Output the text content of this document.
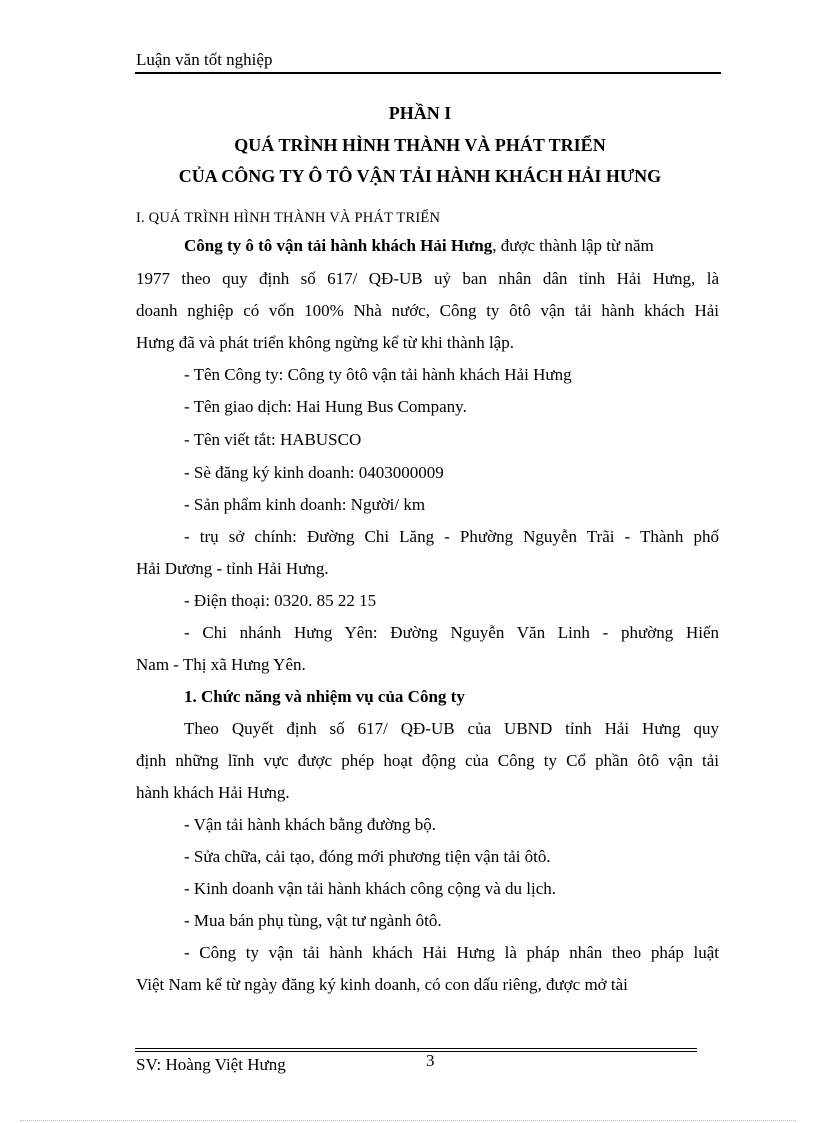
Luận văn tốt nghiệp
PHẦN I
QUÁ TRÌNH HÌNH THÀNH VÀ PHÁT TRIỂN
CỦA CÔNG TY Ô TÔ VẬN TẢI HÀNH KHÁCH HẢI HƯNG
I. QUÁ TRÌNH HÌNH THÀNH VÀ PHÁT TRIỂN
Công ty ô tô vận tải hành khách Hải Hưng, được thành lập từ năm
1977 theo quy định số 617/ QĐ-UB uỷ ban nhân dân tỉnh Hải Hưng, là
doanh nghiệp có vốn 100% Nhà nước, Công ty ôtô vận tải hành khách Hải
Hưng đã và phát triển không ngừng kể từ khi thành lập.
- Tên Công ty: Công ty ôtô vận tải hành khách Hải Hưng
- Tên giao dịch: Hai Hung Bus Company.
- Tên viết tắt: HABUSCO
- Sè đăng ký kinh doanh: 0403000009
- Sản phẩm kinh doanh: Người/ km
- trụ sở chính: Đường Chi Lăng - Phường Nguyễn Trãi - Thành phố
Hải Dương - tỉnh Hải Hưng.
- Điện thoại: 0320. 85 22 15
- Chi nhánh Hưng Yên: Đường Nguyễn Văn Linh - phường Hiến
Nam - Thị xã Hưng Yên.
1. Chức năng và nhiệm vụ của Công ty
Theo Quyết định số 617/ QĐ-UB của UBND tỉnh Hải Hưng quy
định những lĩnh vực được phép hoạt động của Công ty Cổ phần ôtô vận tải
hành khách Hải Hưng.
- Vận tải hành khách bằng đường bộ.
- Sửa chữa, cải tạo, đóng mới phương tiện vận tải ôtô.
- Kinh doanh vận tải hành khách công cộng và du lịch.
- Mua bán phụ tùng, vật tư ngành ôtô.
- Công ty vận tải hành khách Hải Hưng là pháp nhân theo pháp luật
Việt Nam kể từ ngày đăng ký kinh doanh, có con dấu riêng, được mở tài
SV: Hoàng Việt Hưng	3
